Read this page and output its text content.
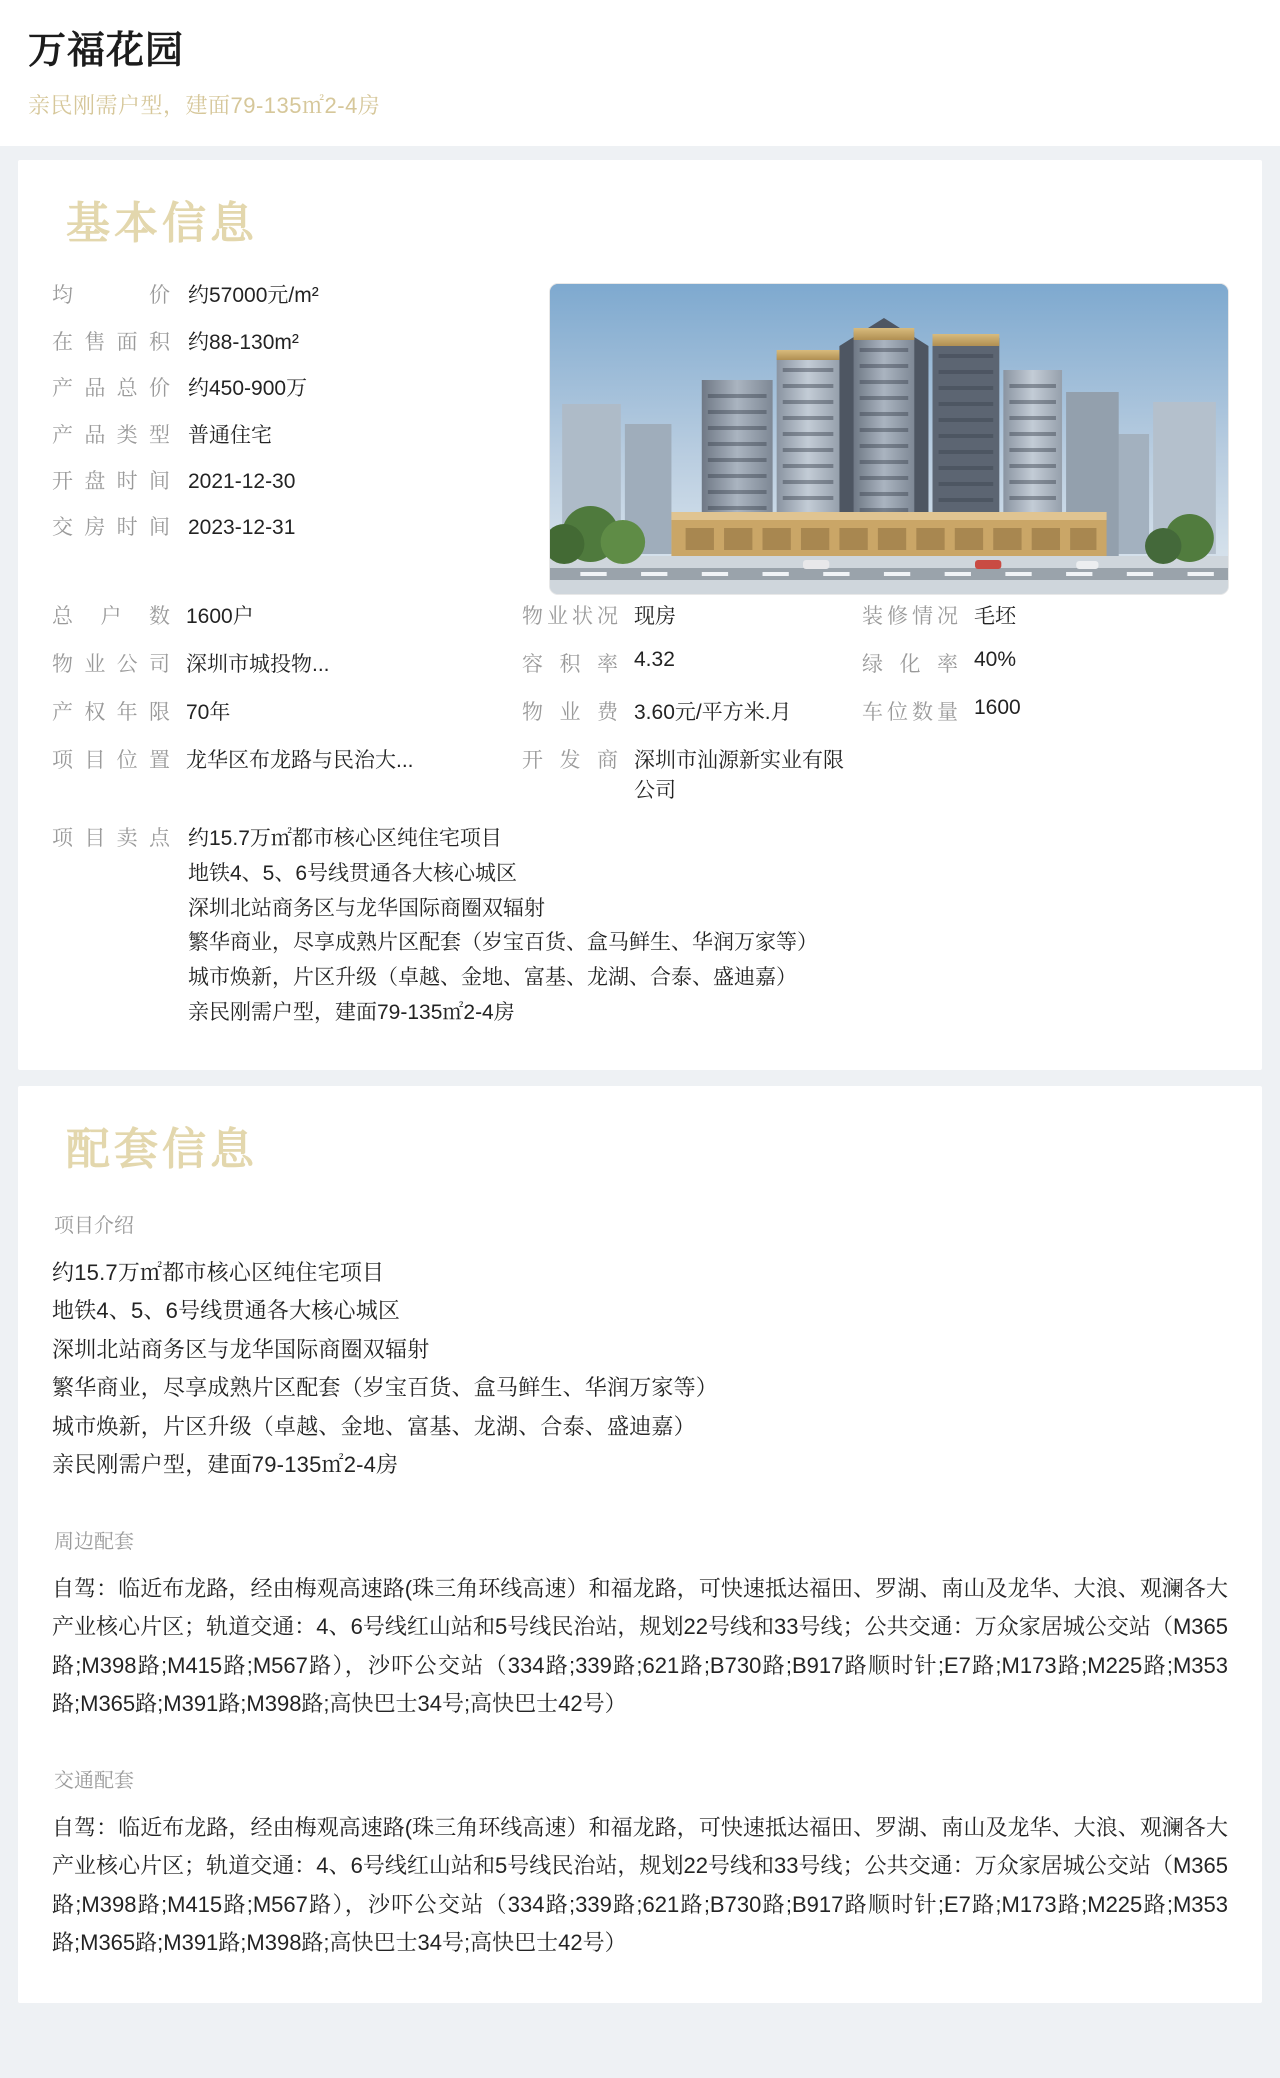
万福花园
亲民刚需户型，建面79-135㎡2-4房
基本信息
均价 约57000元/m²
在售面积 约88-130m²
产品总价 约450-900万
产品类型 普通住宅
开盘时间 2021-12-30
交房时间 2023-12-31
总户数 1600户	物业状况 现房	装修情况 毛坯
物业公司 深圳市城投物...	容积率 4.32	绿化率 40%
产权年限 70年	物业费 3.60元/平方米.月	车位数量 1600
项目位置 龙华区布龙路与民治大...	开发商 深圳市汕源新实业有限公司
项目卖点 约15.7万㎡都市核心区纯住宅项目
地铁4、5、6号线贯通各大核心城区
深圳北站商务区与龙华国际商圈双辐射
繁华商业，尽享成熟片区配套（岁宝百货、盒马鲜生、华润万家等）
城市焕新，片区升级（卓越、金地、富基、龙湖、合泰、盛迪嘉）
亲民刚需户型，建面79-135㎡2-4房
配套信息
项目介绍
约15.7万㎡都市核心区纯住宅项目
地铁4、5、6号线贯通各大核心城区
深圳北站商务区与龙华国际商圈双辐射
繁华商业，尽享成熟片区配套（岁宝百货、盒马鲜生、华润万家等）
城市焕新，片区升级（卓越、金地、富基、龙湖、合泰、盛迪嘉）
亲民刚需户型，建面79-135㎡2-4房
周边配套
自驾：临近布龙路，经由梅观高速路(珠三角环线高速）和福龙路，可快速抵达福田、罗湖、南山及龙华、大浪、观澜各大产业核心片区；轨道交通：4、6号线红山站和5号线民治站，规划22号线和33号线；公共交通：万众家居城公交站（M365路;M398路;M415路;M567路），沙吓公交站（334路;339路;621路;B730路;B917路顺时针;E7路;M173路;M225路;M353路;M365路;M391路;M398路;高快巴士34号;高快巴士42号）
交通配套
自驾：临近布龙路，经由梅观高速路(珠三角环线高速）和福龙路，可快速抵达福田、罗湖、南山及龙华、大浪、观澜各大产业核心片区；轨道交通：4、6号线红山站和5号线民治站，规划22号线和33号线；公共交通：万众家居城公交站（M365路;M398路;M415路;M567路），沙吓公交站（334路;339路;621路;B730路;B917路顺时针;E7路;M173路;M225路;M353路;M365路;M391路;M398路;高快巴士34号;高快巴士42号）
